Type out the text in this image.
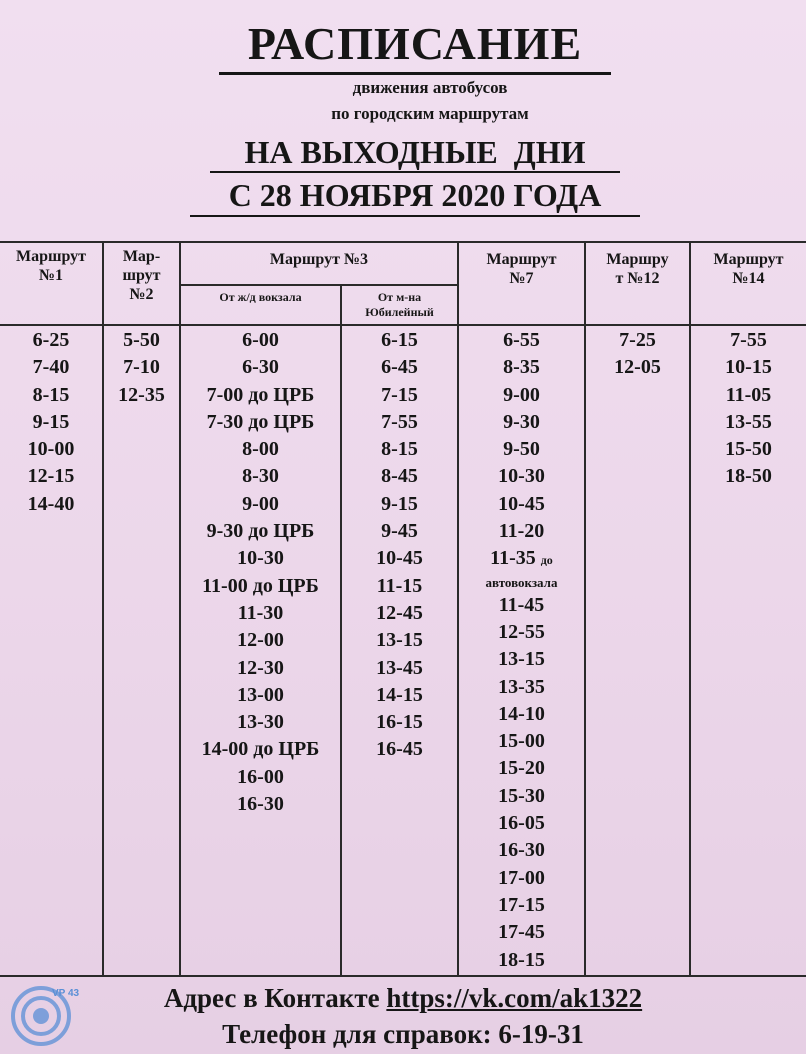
РАСПИСАНИЕ
движения автобусов
по городским маршрутам
НА ВЫХОДНЫЕ  ДНИ
С 28 НОЯБРЯ 2020 ГОДА
Маршрут
№1
Мар-
шрут
№2
Маршрут №3
От ж/д вокзала	От м-на
Юбилейный
Маршрут
№7
Маршру
т №12
Маршрут
№14
6-25
7-40
8-15
9-15
10-00
12-15
14-40
5-50
7-10
12-35
6-00
6-30
7-00 до ЦРБ
7-30 до ЦРБ
8-00
8-30
9-00
9-30 до ЦРБ
10-30
11-00 до ЦРБ
11-30
12-00
12-30
13-00
13-30
14-00 до ЦРБ
16-00
16-30
6-15
6-45
7-15
7-55
8-15
8-45
9-15
9-45
10-45
11-15
12-45
13-15
13-45
14-15
16-15
16-45
6-55
8-35
9-00
9-30
9-50
10-30
10-45
11-20
11-35 до
автовокзала
11-45
12-55
13-15
13-35
14-10
15-00
15-20
15-30
16-05
16-30
17-00
17-15
17-45
18-15
7-25
12-05
7-55
10-15
11-05
13-55
15-50
18-50
Адрес в Контакте https://vk.com/ak1322
Телефон для справок: 6-19-31
VP 43
